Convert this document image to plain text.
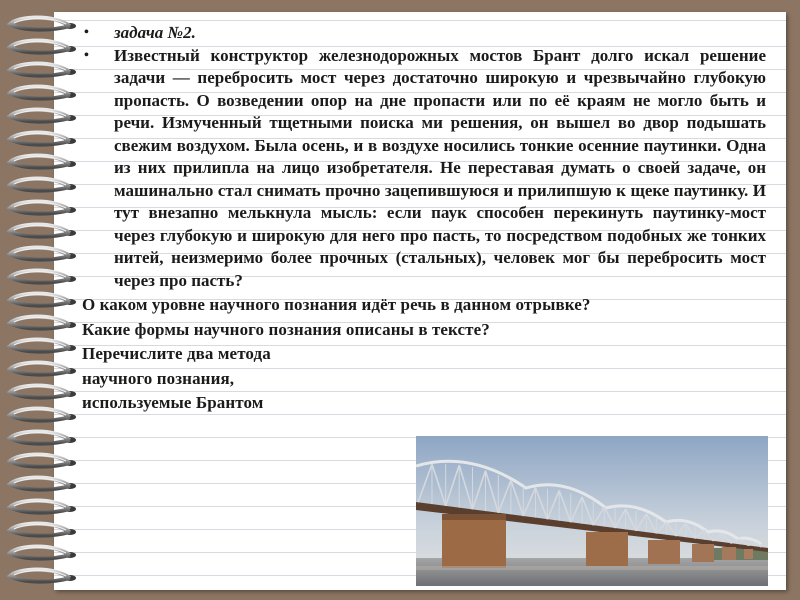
• задача №2.
• Известный конструктор железнодорожных мостов Брант долго искал решение задачи — перебросить мост через достаточно широкую и чрезвычайно глубокую пропасть. О возведении опор на дне пропасти или по её краям не могло быть и речи. Измученный тщетными поиска ми решения, он вышел во двор подышать свежим воздухом. Была осень, и в воздухе носились тонкие осенние паутинки. Одна из них прилипла на лицо изобретателя. Не переставая думать о своей задаче, он машинально стал снимать прочно зацепившуюся и прилипшую к щеке паутинку. И тут внезапно мелькнула мысль: если паук способен перекинуть паутинку-мост через глубокую и широкую для него про пасть, то посредством подобных же тонких нитей, неизмеримо более прочных (стальных), человек мог бы перебросить мост через про пасть?

О каком уровне научного познания идёт речь в данном отрывке?

Какие формы научного познания описаны в тексте?

Перечислите два метода

научного познания,

используемые Брантом
